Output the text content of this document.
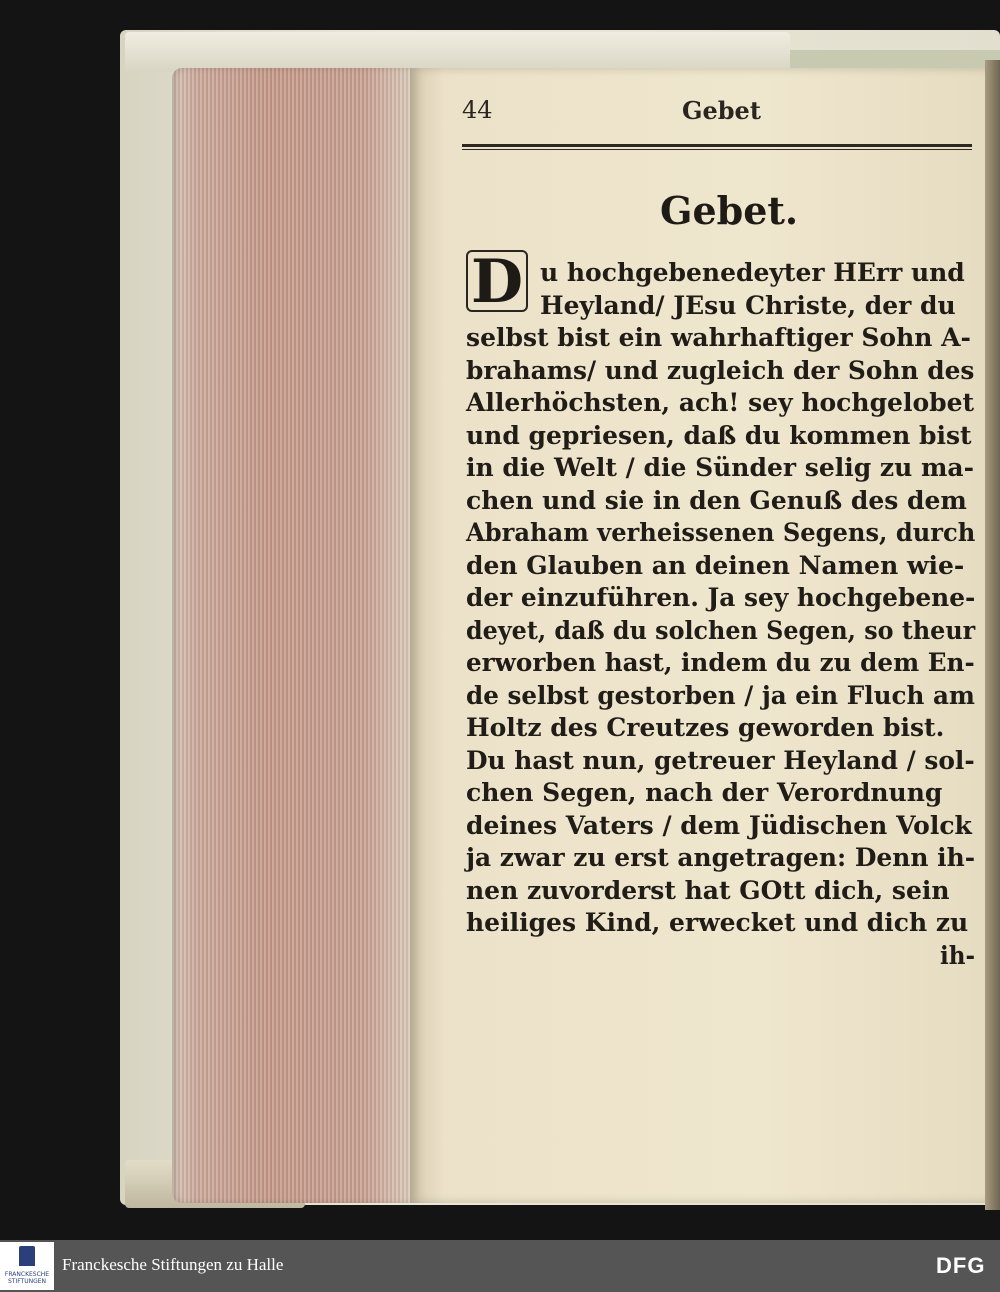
44	Gebet
Gebet.
D u hochgebenedeyter HErr und
Heyland/ JEsu Christe, der du
selbst bist ein wahrhaftiger Sohn A-
brahams/ und zugleich der Sohn des
Allerhöchsten, ach! sey hochgelobet
und gepriesen, daß du kommen bist
in die Welt / die Sünder selig zu ma-
chen und sie in den Genuß des dem
Abraham verheissenen Segens, durch
den Glauben an deinen Namen wie-
der einzuführen. Ja sey hochgebene-
deyet, daß du solchen Segen, so theur
erworben hast, indem du zu dem En-
de selbst gestorben / ja ein Fluch am
Holtz des Creutzes geworden bist.
Du hast nun, getreuer Heyland / sol-
chen Segen, nach der Verordnung
deines Vaters / dem Jüdischen Volck
ja zwar zu erst angetragen: Denn ih-
nen zuvorderst hat GOtt dich, sein
heiliges Kind, erwecket und dich zu
ih-
FRANCKESCHE
STIFTUNGEN
Franckesche Stiftungen zu Halle	DFG
